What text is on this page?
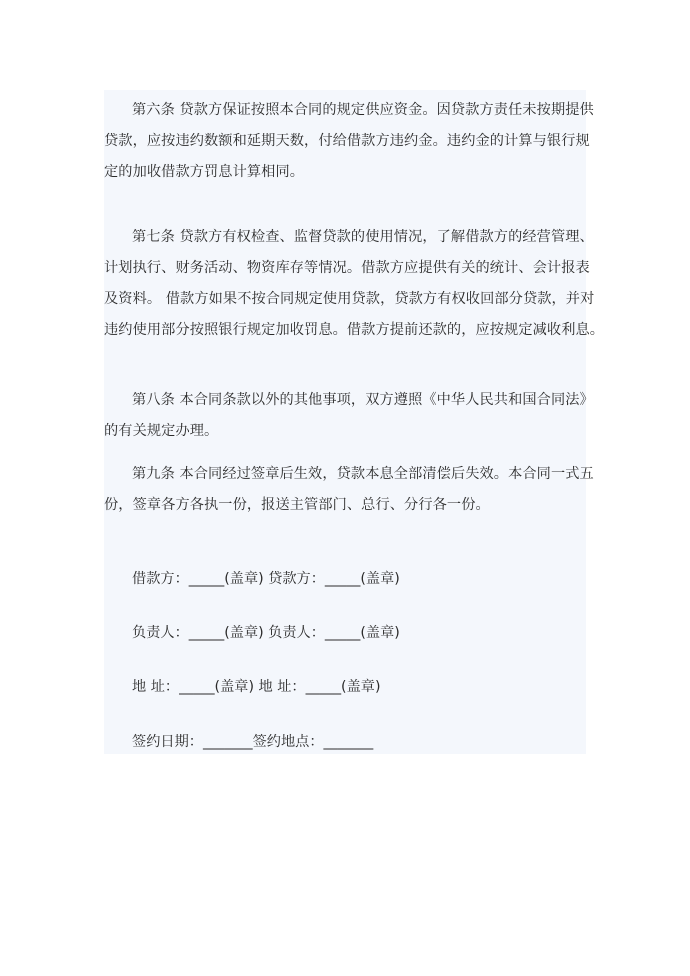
第六条 贷款方保证按照本合同的规定供应资金。因贷款方责任未按期提供
贷款，应按违约数额和延期天数，付给借款方违约金。违约金的计算与银行规
定的加收借款方罚息计算相同。
第七条 贷款方有权检查、监督贷款的使用情况，了解借款方的经营管理、
计划执行、财务活动、物资库存等情况。借款方应提供有关的统计、会计报表
及资料。 借款方如果不按合同规定使用贷款，贷款方有权收回部分贷款，并对
违约使用部分按照银行规定加收罚息。借款方提前还款的，应按规定减收利息。
第八条 本合同条款以外的其他事项，双方遵照《中华人民共和国合同法》
的有关规定办理。
第九条 本合同经过签章后生效，贷款本息全部清偿后失效。本合同一式五
份，签章各方各执一份，报送主管部门、总行、分行各一份。
借款方：_____(盖章) 贷款方：_____(盖章)
负责人：_____(盖章) 负责人：_____(盖章)
地 址：_____(盖章) 地 址：_____(盖章)
签约日期：_______签约地点：_______
